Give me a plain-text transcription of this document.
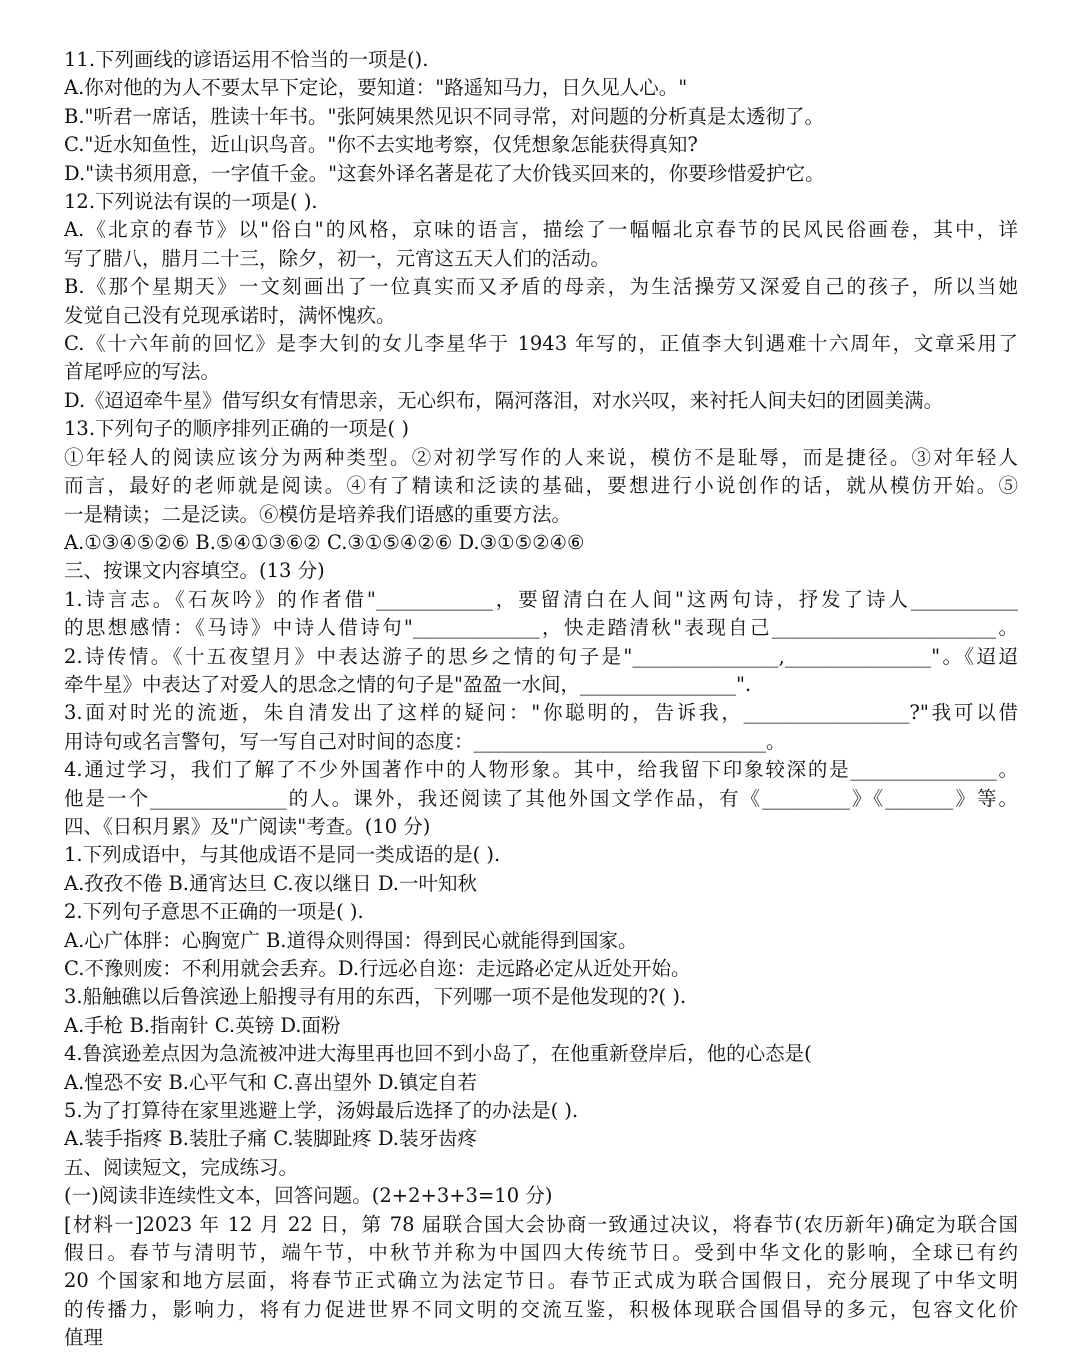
11.下列画线的谚语运用不恰当的一项是().
A.你对他的为人不要太早下定论，要知道："路遥知马力，日久见人心。"
B."听君一席话，胜读十年书。"张阿姨果然见识不同寻常，对问题的分析真是太透彻了。
C."近水知鱼性，近山识鸟音。"你不去实地考察，仅凭想象怎能获得真知?
D."读书须用意，一字值千金。"这套外译名著是花了大价钱买回来的，你要珍惜爱护它。
12.下列说法有误的一项是( ).
A.《北京的春节》以"俗白"的风格，京味的语言，描绘了一幅幅北京春节的民风民俗画卷，其中，详
写了腊八，腊月二十三，除夕，初一，元宵这五天人们的活动。
B.《那个星期天》一文刻画出了一位真实而又矛盾的母亲，为生活操劳又深爱自己的孩子，所以当她
发觉自己没有兑现承诺时，满怀愧疚。
C.《十六年前的回忆》是李大钊的女儿李星华于 1943 年写的，正值李大钊遇难十六周年，文章采用了
首尾呼应的写法。
D.《迢迢牵牛星》借写织女有情思亲，无心织布，隔河落泪，对水兴叹，来衬托人间夫妇的团圆美满。
13.下列句子的顺序排列正确的一项是( )
①年轻人的阅读应该分为两种类型。②对初学写作的人来说，模仿不是耻辱，而是捷径。③对年轻人
而言，最好的老师就是阅读。④有了精读和泛读的基础，要想进行小说创作的话，就从模仿开始。⑤
一是精读；二是泛读。⑥模仿是培养我们语感的重要方法。
A.①③④⑤②⑥ B.⑤④①③⑥② C.③①⑤④②⑥ D.③①⑤②④⑥
三、按课文内容填空。(13 分)
1.诗言志。《石灰吟》的作者借"____________，要留清白在人间"这两句诗，抒发了诗人___________
的思想感情：《马诗》中诗人借诗句"_____________，快走踏清秋"表现自己_______________________。
2.诗传情。《十五夜望月》中表达游子的思乡之情的句子是"_______________,_______________"。《迢迢
牵牛星》中表达了对爱人的思念之情的句子是"盈盈一水间，________________".
3.面对时光的流逝，朱自清发出了这样的疑问："你聪明的，告诉我，_________________?"我可以借
用诗句或名言警句，写一写自己对时间的态度：______________________________。
4.通过学习，我们了解了不少外国著作中的人物形象。其中，给我留下印象较深的是_______________。
他是一个______________的人。课外，我还阅读了其他外国文学作品，有《_________》《_______》等。
四、《日积月累》及"广阅读"考查。(10 分)
1.下列成语中，与其他成语不是同一类成语的是( ).
A.孜孜不倦 B.通宵达旦 C.夜以继日 D.一叶知秋
2.下列句子意思不正确的一项是( ).
A.心广体胖：心胸宽广 B.道得众则得国：得到民心就能得到国家。
C.不豫则废：不利用就会丢弃。D.行远必自迩：走远路必定从近处开始。
3.船触礁以后鲁滨逊上船搜寻有用的东西，下列哪一项不是他发现的?( ).
A.手枪 B.指南针 C.英镑 D.面粉
4.鲁滨逊差点因为急流被冲进大海里再也回不到小岛了，在他重新登岸后，他的心态是(
A.惶恐不安 B.心平气和 C.喜出望外 D.镇定自若
5.为了打算待在家里逃避上学，汤姆最后选择了的办法是( ).
A.装手指疼 B.装肚子痛 C.装脚趾疼 D.装牙齿疼
五、阅读短文，完成练习。
(一)阅读非连续性文本，回答问题。(2+2+3+3=10 分)
[材料一]2023 年 12 月 22 日，第 78 届联合国大会协商一致通过决议，将春节(农历新年)确定为联合国
假日。春节与清明节，端午节，中秋节并称为中国四大传统节日。受到中华文化的影响，全球已有约
20 个国家和地方层面，将春节正式确立为法定节日。春节正式成为联合国假日，充分展现了中华文明
的传播力，影响力，将有力促进世界不同文明的交流互鉴，积极体现联合国倡导的多元，包容文化价
值理
